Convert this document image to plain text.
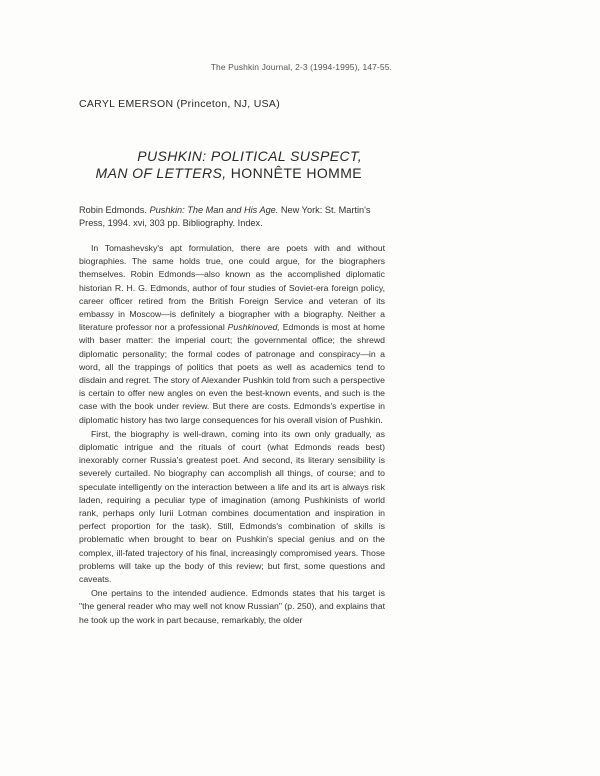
The Pushkin Journal, 2-3 (1994-1995), 147-55.
CARYL EMERSON (Princeton, NJ, USA)
PUSHKIN: POLITICAL SUSPECT,
MAN OF LETTERS, HONNÊTE HOMME
Robin Edmonds. Pushkin: The Man and His Age. New York: St. Martin's Press, 1994. xvi, 303 pp. Bibliography. Index.

In Tomashevsky's apt formulation, there are poets with and without biographies. The same holds true, one could argue, for the biographers themselves. Robin Edmonds—also known as the accomplished diplomatic historian R. H. G. Edmonds, author of four studies of Soviet-era foreign policy, career officer retired from the British Foreign Service and veteran of its embassy in Moscow—is definitely a biographer with a biography. Neither a literature professor nor a professional Pushkinoved, Edmonds is most at home with baser matter: the imperial court; the governmental office; the shrewd diplomatic personality; the formal codes of patronage and conspiracy—in a word, all the trappings of politics that poets as well as academics tend to disdain and regret. The story of Alexander Pushkin told from such a perspective is certain to offer new angles on even the best-known events, and such is the case with the book under review. But there are costs. Edmonds's expertise in diplomatic history has two large consequences for his overall vision of Pushkin.

First, the biography is well-drawn, coming into its own only gradually, as diplomatic intrigue and the rituals of court (what Edmonds reads best) inexorably corner Russia's greatest poet. And second, its literary sensibility is severely curtailed. No biography can accomplish all things, of course; and to speculate intelligently on the interaction between a life and its art is always risk laden, requiring a peculiar type of imagination (among Pushkinists of world rank, perhaps only Iurii Lotman combines documentation and inspiration in perfect proportion for the task). Still, Edmonds's combination of skills is problematic when brought to bear on Pushkin's special genius and on the complex, ill-fated trajectory of his final, increasingly compromised years. Those problems will take up the body of this review; but first, some questions and caveats.

One pertains to the intended audience. Edmonds states that his target is "the general reader who may well not know Russian" (p. 250), and explains that he took up the work in part because, remarkably, the older
